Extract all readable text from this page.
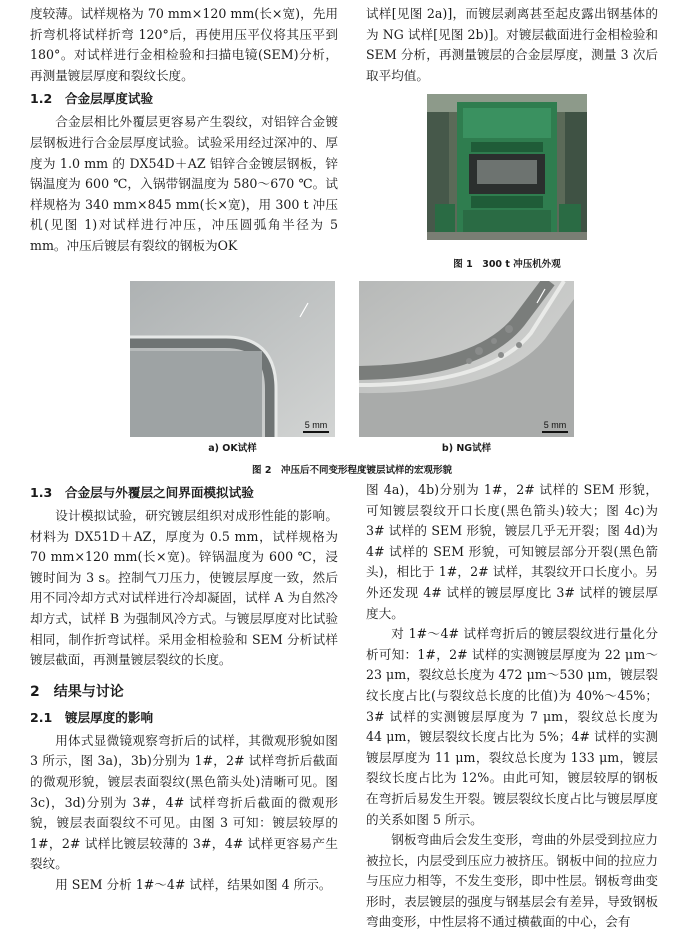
度较薄。试样规格为 70 mm×120 mm(长×宽)，先用折弯机将试样折弯 120°后，再使用压平仪将其压平到 180°。对试样进行金相检验和扫描电镜(SEM)分析，再测量镀层厚度和裂纹长度。

1.2　合金层厚度试验

合金层相比外覆层更容易产生裂纹，对铝锌合金镀层钢板进行合金层厚度试验。试验采用经过深冲的、厚度为 1.0 mm 的 DX54D＋AZ 铝锌合金镀层钢板，锌锅温度为 600 ℃，入锅带钢温度为 580～670 ℃。试样规格为 340 mm×845 mm(长×宽)，用 300 t 冲压机(见图 1)对试样进行冲压，冲压圆弧角半径为 5 mm。冲压后镀层有裂纹的钢板为OK

试样[见图 2a)]，而镀层剥离甚至起皮露出钢基体的为 NG 试样[见图 2b)]。对镀层截面进行金相检验和 SEM 分析，再测量镀层的合金层厚度，测量 3 次后取平均值。

图 1　300 t 冲压机外观
5 mm
a) OK试样
5 mm
b) NG试样
图 2　冲压后不同变形程度镀层试样的宏观形貌

1.3　合金层与外覆层之间界面模拟试验

设计模拟试验，研究镀层组织对成形性能的影响。材料为 DX51D＋AZ，厚度为 0.5 mm，试样规格为 70 mm×120 mm(长×宽)。锌锅温度为 600 ℃，浸镀时间为 3 s。控制气刀压力，使镀层厚度一致，然后用不同冷却方式对试样进行冷却凝固，试样 A 为自然冷却方式，试样 B 为强制风冷方式。与镀层厚度对比试验相同，制作折弯试样。采用金相检验和 SEM 分析试样镀层截面，再测量镀层裂纹的长度。

2　结果与讨论

2.1　镀层厚度的影响

用体式显微镜观察弯折后的试样，其微观形貌如图 3 所示，图 3a)，3b)分别为 1#，2# 试样弯折后截面的微观形貌，镀层表面裂纹(黑色箭头处)清晰可见。图 3c)，3d)分别为 3#，4# 试样弯折后截面的微观形貌，镀层表面裂纹不可见。由图 3 可知：镀层较厚的 1#，2# 试样比镀层较薄的 3#，4# 试样更容易产生裂纹。

用 SEM 分析 1#～4# 试样，结果如图 4 所示。

图 4a)，4b)分别为 1#，2# 试样的 SEM 形貌，可知镀层裂纹开口长度(黑色箭头)较大；图 4c)为 3# 试样的 SEM 形貌，镀层几乎无开裂；图 4d)为 4# 试样的 SEM 形貌，可知镀层部分开裂(黑色箭头)，相比于 1#，2# 试样，其裂纹开口长度小。另外还发现 4# 试样的镀层厚度比 3# 试样的镀层厚度大。

对 1#～4# 试样弯折后的镀层裂纹进行量化分析可知：1#，2# 试样的实测镀层厚度为 22 μm～23 μm，裂纹总长度为 472 μm～530 μm，镀层裂纹长度占比(与裂纹总长度的比值)为 40%～45%；3# 试样的实测镀层厚度为 7 μm，裂纹总长度为 44 μm，镀层裂纹长度占比为 5%；4# 试样的实测镀层厚度为 11 μm，裂纹总长度为 133 μm，镀层裂纹长度占比为 12%。由此可知，镀层较厚的钢板在弯折后易发生开裂。镀层裂纹长度占比与镀层厚度的关系如图 5 所示。

钢板弯曲后会发生变形，弯曲的外层受到拉应力被拉长，内层受到压应力被挤压。钢板中间的拉应力与压应力相等，不发生变形，即中性层。钢板弯曲变形时，表层镀层的强度与钢基层会有差异，导致钢板弯曲变形，中性层将不通过横截面的中心，会有
